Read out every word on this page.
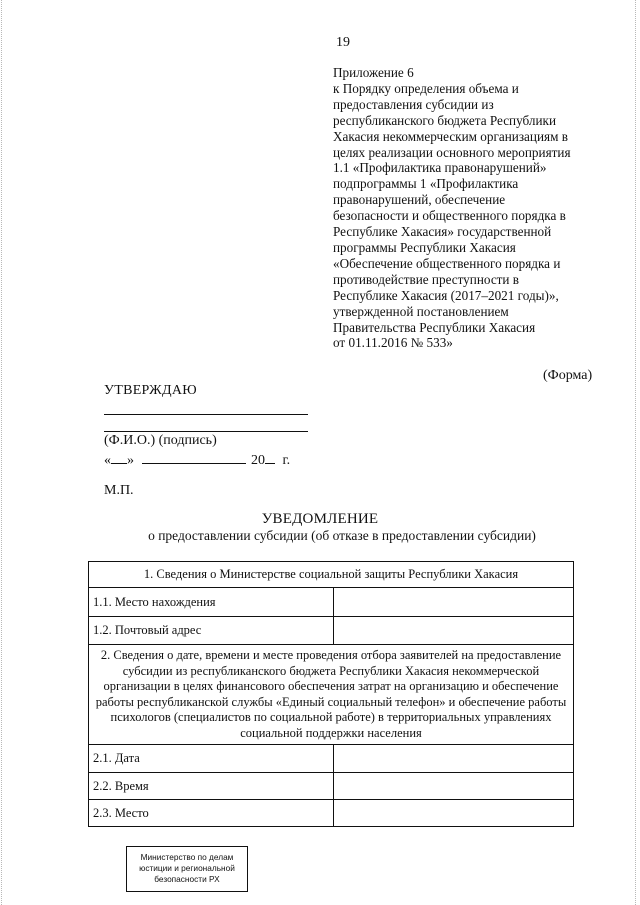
19
Приложение 6
к Порядку определения объема и
предоставления субсидии из
республиканского бюджета Республики
Хакасия некоммерческим организациям в
целях реализации основного мероприятия
1.1 «Профилактика правонарушений»
подпрограммы 1 «Профилактика
правонарушений, обеспечение
безопасности и общественного порядка в
Республике Хакасия» государственной
программы Республики Хакасия
«Обеспечение общественного порядка и
противодействие преступности в
Республике Хакасия (2017–2021 годы)»,
утвержденной постановлением
Правительства Республики Хакасия
от 01.11.2016 № 533»
(Форма)
УТВЕРЖДАЮ
(Ф.И.О.) (подпись)
« »	20 г.
М.П.
УВЕДОМЛЕНИЕ
о предоставлении субсидии (об отказе в предоставлении субсидии)
1. Сведения о Министерстве социальной защиты Республики Хакасия	
1.1. Место нахождения	
1.2. Почтовый адрес	
2. Сведения о дате, времени и месте проведения отбора заявителей на предоставление субсидии из республиканского бюджета Республики Хакасия некоммерческой организации в целях финансового обеспечения затрат на организацию и обеспечение работы республиканской службы «Единый социальный телефон» и обеспечение работы психологов (специалистов по социальной работе) в территориальных управлениях социальной поддержки населения	
2.1. Дата	
2.2. Время	
2.3. Место	
Министерство по делам
юстиции и региональной
безопасности РХ
